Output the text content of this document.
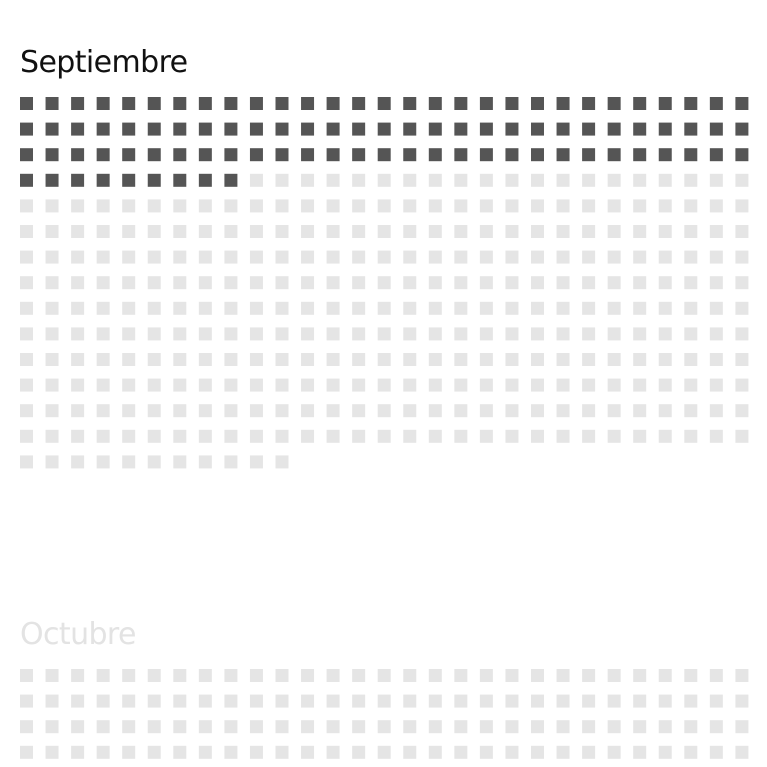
Septiembre
Octubre
